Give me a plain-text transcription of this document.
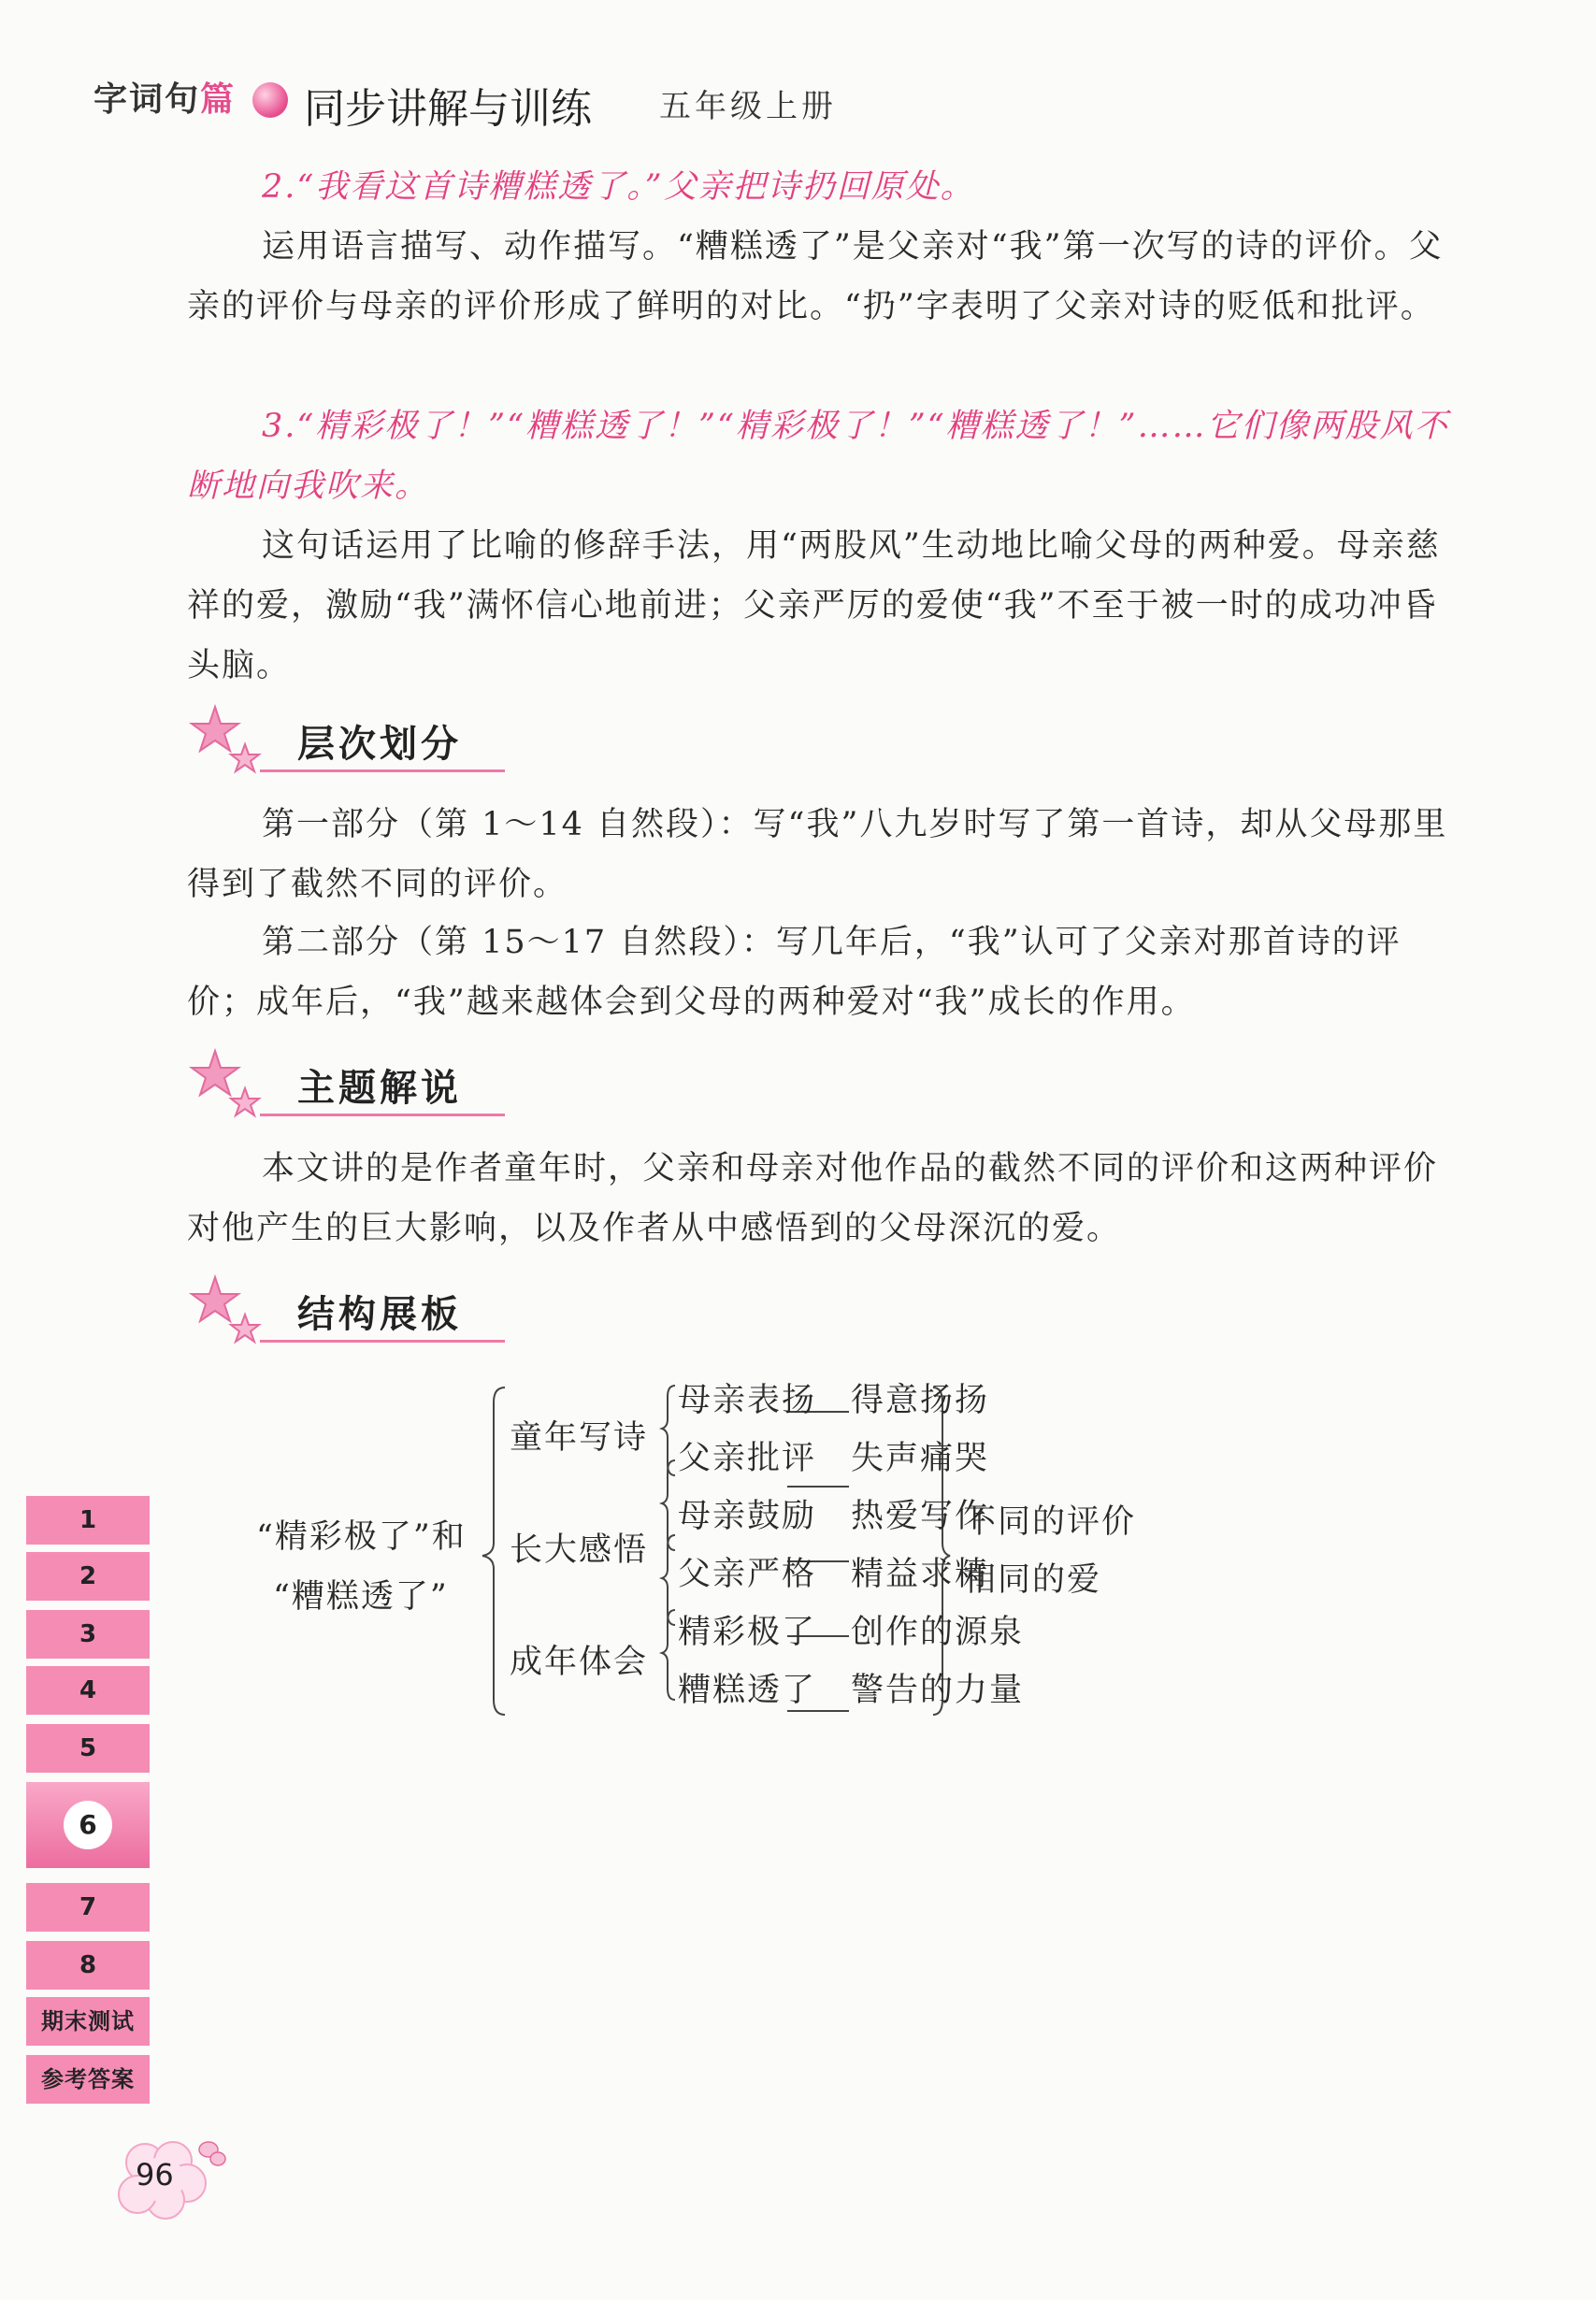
字词句篇 同步讲解与训练 五年级上册
2.“我看这首诗糟糕透了。”父亲把诗扔回原处。
运用语言描写、动作描写。“糟糕透了”是父亲对“我”第一次写的诗的评价。父亲的评价与母亲的评价形成了鲜明的对比。“扔”字表明了父亲对诗的贬低和批评。
3.“精彩极了！”“糟糕透了！”“精彩极了！”“糟糕透了！”……它们像两股风不断地向我吹来。
这句话运用了比喻的修辞手法，用“两股风”生动地比喻父母的两种爱。母亲慈祥的爱，激励“我”满怀信心地前进；父亲严厉的爱使“我”不至于被一时的成功冲昏头脑。
层次划分
第一部分（第 1～14 自然段）：写“我”八九岁时写了第一首诗，却从父母那里得到了截然不同的评价。
第二部分（第 15～17 自然段）：写几年后，“我”认可了父亲对那首诗的评价；成年后，“我”越来越体会到父母的两种爱对“我”成长的作用。
主题解说
本文讲的是作者童年时，父亲和母亲对他作品的截然不同的评价和这两种评价对他产生的巨大影响，以及作者从中感悟到的父母深沉的爱。
结构展板
“精彩极了”和
“糟糕透了”
童年写诗
长大感悟
成年体会
母亲表扬 得意扬扬
父亲批评 失声痛哭
母亲鼓励 热爱写作
父亲严格 精益求精
精彩极了 创作的源泉
糟糕透了 警告的力量
不同的评价
相同的爱
1
2
3
4
5
6
7
8
期末测试
参考答案
96
